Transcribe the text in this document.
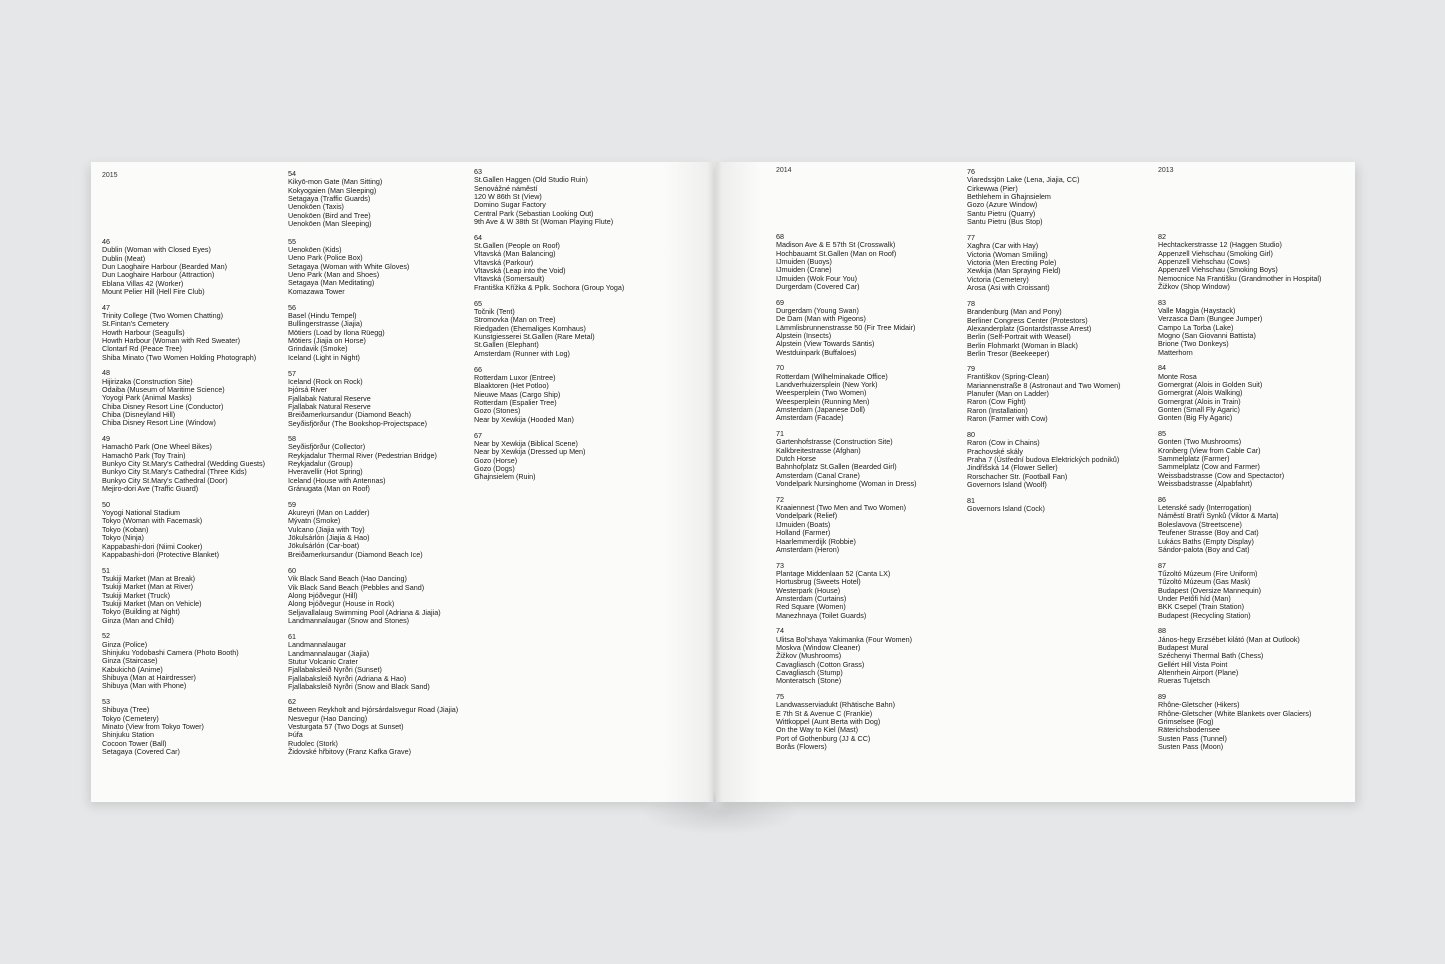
2015
46
Dublin (Woman with Closed Eyes)
Dublin (Meat)
Dun Laoghaire Harbour (Bearded Man)
Dun Laoghaire Harbour (Attraction)
Eblana Villas 42 (Worker)
Mount Pelier Hill (Hell Fire Club)
47
Trinity College (Two Women Chatting)
St.Fintan's Cemetery
Howth Harbour (Seagulls)
Howth Harbour (Woman with Red Sweater)
Clontarf Rd (Peace Tree)
Shiba Minato (Two Women Holding Photograph)
48
Hijirizaka (Construction Site)
Odaiba (Museum of Maritime Science)
Yoyogi Park (Animal Masks)
Chiba Disney Resort Line (Conductor)
Chiba (Disneyland Hill)
Chiba Disney Resort Line (Window)
49
Hamachō Park (One Wheel Bikes)
Hamachō Park (Toy Train)
Bunkyo City St.Mary's Cathedral (Wedding Guests)
Bunkyo City St.Mary's Cathedral (Three Kids)
Bunkyo City St.Mary's Cathedral (Door)
Mejiro-dori Ave (Traffic Guard)
50
Yoyogi National Stadium
Tokyo (Woman with Facemask)
Tokyo (Koban)
Tokyo (Ninja)
Kappabashi-dori (Niimi Cooker)
Kappabashi-dori (Protective Blanket)
51
Tsukiji Market (Man at Break)
Tsukiji Market (Man at River)
Tsukiji Market (Truck)
Tsukiji Market (Man on Vehicle)
Tokyo (Building at Night)
Ginza (Man and Child)
52
Ginza (Police)
Shinjuku Yodobashi Camera (Photo Booth)
Ginza (Staircase)
Kabukichō (Anime)
Shibuya (Man at Hairdresser)
Shibuya (Man with Phone)
53
Shibuya (Tree)
Tokyo (Cemetery)
Minato (View from Tokyo Tower)
Shinjuku Station
Cocoon Tower (Ball)
Setagaya (Covered Car)
54
Kikyō-mon Gate (Man Sitting)
Kokyogaien (Man Sleeping)
Setagaya (Traffic Guards)
Uenokōen (Taxis)
Uenokōen (Bird and Tree)
Uenokōen (Man Sleeping)
55
Uenokōen (Kids)
Ueno Park (Police Box)
Setagaya (Woman with White Gloves)
Ueno Park (Man and Shoes)
Setagaya (Man Meditating)
Komazawa Tower
56
Basel (Hindu Tempel)
Bullingerstrasse (Jiajia)
Mötiers (Load by Ilona Rüegg)
Mötiers (Jiajia on Horse)
Grindavik (Smoke)
Iceland (Light in Night)
57
Iceland (Rock on Rock)
Þjórsá River
Fjallabak Natural Reserve
Fjallabak Natural Reserve
Breiðamerkursandur (Diamond Beach)
Seyðisfjörður (The Bookshop-Projectspace)
58
Seyðisfjörður (Collector)
Reykjadalur Thermal River (Pedestrian Bridge)
Reykjadalur (Group)
Hveravellir (Hot Spring)
Iceland (House with Antennas)
Gránugata (Man on Roof)
59
Akureyri (Man on Ladder)
Mývatn (Smoke)
Vulcano (Jiajia with Toy)
Jökulsárlón (Jiajia & Hao)
Jökulsárlón (Car-boat)
Breiðamerkursandur (Diamond Beach Ice)
60
Vik Black Sand Beach (Hao Dancing)
Vik Black Sand Beach (Pebbles and Sand)
Along Þjóðvegur (Hill)
Along Þjóðvegur (House in Rock)
Seljavallalaug Swimming Pool (Adriana & Jiajia)
Landmannalaugar (Snow and Stones)
61
Landmannalaugar
Landmannalaugar (Jiajia)
Stutur Volcanic Crater
Fjallabaksleið Nyrðri (Sunset)
Fjallabaksleið Nyrðri (Adriana & Hao)
Fjallabaksleið Nyrðri (Snow and Black Sand)
62
Between Reykholt and Þjórsárdalsvegur Road (Jiajia)
Nesvegur (Hao Dancing)
Vesturgata 57 (Two Dogs at Sunset)
Þúfa
Rudolec (Stork)
Židovské hřbitovy (Franz Kafka Grave)
63
St.Gallen Haggen (Old Studio Ruin)
Senovážné náměstí
120 W 86th St (View)
Domino Sugar Factory
Central Park (Sebastian Looking Out)
9th Ave & W 38th St (Woman Playing Flute)
64
St.Gallen (People on Roof)
Vltavská (Man Balancing)
Vltavská (Parkour)
Vltavská (Leap into the Void)
Vltavská (Somersault)
Františka Křížka & Pplk. Sochora (Group Yoga)
65
Točnik (Tent)
Stromovka (Man on Tree)
Riedgaden (Ehemaliges Kornhaus)
Kunstgiesserei St.Gallen (Rare Metal)
St.Gallen (Elephant)
Amsterdam (Runner with Log)
66
Rotterdam Luxor (Entree)
Blaaktoren (Het Potloo)
Nieuwe Maas (Cargo Ship)
Rotterdam (Espalier Tree)
Gozo (Stones)
Near by Xewkija (Hooded Man)
67
Near by Xewkija (Biblical Scene)
Near by Xewkija (Dressed up Men)
Gozo (Horse)
Gozo (Dogs)
Għajnsielem (Ruin)
2014	2013
68
Madison Ave & E 57th St (Crosswalk)
Hochbauamt St.Gallen (Man on Roof)
IJmuiden (Buoys)
IJmuiden (Crane)
IJmuiden (Wok Four You)
Durgerdam (Covered Car)
69
Durgerdam (Young Swan)
De Dam (Man with Pigeons)
Lämmlisbrunnenstrasse 50 (Fir Tree Midair)
Alpstein (Insects)
Alpstein (View Towards Säntis)
Westduinpark (Buffaloes)
70
Rotterdam (Wilhelminakade Office)
Landverhuizersplein (New York)
Weesperplein (Two Women)
Weesperplein (Running Men)
Amsterdam (Japanese Doll)
Amsterdam (Facade)
71
Gartenhofstrasse (Construction Site)
Kalkbreitestrasse (Afghan)
Dutch Horse
Bahnhofplatz St.Gallen (Bearded Girl)
Amsterdam (Canal Crane)
Vondelpark Nursinghome (Woman in Dress)
72
Kraaiennest (Two Men and Two Women)
Vondelpark (Relief)
IJmuiden (Boats)
Holland (Farmer)
Haarlemmerdijk (Robbie)
Amsterdam (Heron)
73
Plantage Middenlaan 52 (Canta LX)
Hortusbrug (Sweets Hotel)
Westerpark (House)
Amsterdam (Curtains)
Red Square (Women)
Manezhnaya (Toilet Guards)
74
Ulitsa Bol'shaya Yakimanka (Four Women)
Moskva (Window Cleaner)
Žižkov (Mushrooms)
Cavagliasch (Cotton Grass)
Cavagliasch (Stump)
Monteratsch (Stone)
75
Landwasserviadukt (Rhätische Bahn)
E 7th St & Avenue C (Frankie)
Wittkoppel (Aunt Berta with Dog)
On the Way to Kiel (Mast)
Port of Gothenburg (JJ & CC)
Borås (Flowers)
76
Viaredssjön Lake (Lena, Jiajia, CC)
Cirkewwa (Pier)
Bethlehem in Għajnsielem
Gozo (Azure Window)
Santu Pietru (Quarry)
Santu Pietru (Bus Stop)
77
Xagħra (Car with Hay)
Victoria (Woman Smiling)
Victoria (Men Erecting Pole)
Xewkija (Man Spraying Field)
Victoria (Cemetery)
Arosa (Asi with Croissant)
78
Brandenburg (Man and Pony)
Berliner Congress Center (Protestors)
Alexanderplatz (Gontardstrasse Arrest)
Berlin (Self-Portrait with Weasel)
Berlin Flohmarkt (Woman in Black)
Berlin Tresor (Beekeeper)
79
Františkov (Spring-Clean)
Mariannenstraße 8 (Astronaut and Two Women)
Planufer (Man on Ladder)
Raron (Cow Fight)
Raron (Installation)
Raron (Farmer with Cow)
80
Raron (Cow in Chains)
Prachovské skály
Praha 7 (Ústřední budova Elektrických podniků)
Jindřišská 14 (Flower Seller)
Rorschacher Str. (Football Fan)
Governors Island (Woolf)
81
Governors Island (Cock)
82
Hechtackerstrasse 12 (Haggen Studio)
Appenzell Viehschau (Smoking Girl)
Appenzell Viehschau (Cows)
Appenzell Viehschau (Smoking Boys)
Nemocnice Na Františku (Grandmother in Hospital)
Žižkov (Shop Window)
83
Valle Maggia (Haystack)
Verzasca Dam (Bungee Jumper)
Campo La Torba (Lake)
Mogno (San Giovanni Battista)
Brione (Two Donkeys)
Matterhorn
84
Monte Rosa
Gornergrat (Alois in Golden Suit)
Gornergrat (Alois Walking)
Gornergrat (Alois in Train)
Gonten (Small Fly Agaric)
Gonten (Big Fly Agaric)
85
Gonten (Two Mushrooms)
Kronberg (View from Cable Car)
Sammelplatz (Farmer)
Sammelplatz (Cow and Farmer)
Weissbadstrasse (Cow and Spectactor)
Weissbadstrasse (Alpabfahrt)
86
Letenské sady (Interrogation)
Náměstí Bratří Synků (Viktor & Marta)
Boleslavova (Streetscene)
Teufener Strasse (Boy and Cat)
Lukács Baths (Empty Display)
Sándor-palota (Boy and Cat)
87
Tűzoltó Múzeum (Fire Uniform)
Tűzoltó Múzeum (Gas Mask)
Budapest (Oversize Mannequin)
Under Petőfi híd (Man)
BKK Csepel (Train Station)
Budapest (Recycling Station)
88
János-hegy Erzsébet kilátó (Man at Outlook)
Budapest Mural
Széchenyi Thermal Bath (Chess)
Gellért Hill Vista Point
Altenrhein Airport (Plane)
Rueras Tujetsch
89
Rhône-Gletscher (Hikers)
Rhône-Gletscher (White Blankets over Glaciers)
Grimselsee (Fog)
Räterichsbodensee
Susten Pass (Tunnel)
Susten Pass (Moon)
